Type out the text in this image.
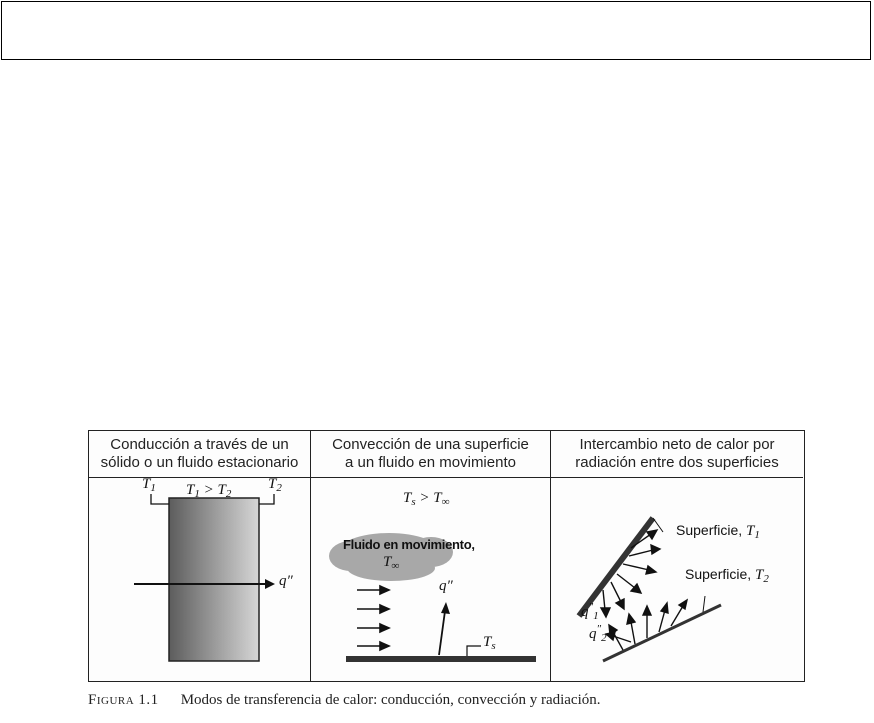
Conducción a través de un
sólido o un fluido estacionario
$T_1 > T_2$
$T_1$	$T_2$
q″
Convección de una superficie
a un fluido en movimiento
$T_s > T_\infty$
Fluido en movimiento,
$T_\infty$
q″
$T_s$
Intercambio neto de calor por
radiación entre dos superficies
Superficie, $T_1$
Superficie, $T_2$
$q''_1$
$q''_2$
Figura 1.1 Modos de transferencia de calor: conducción, convección y radiación.
